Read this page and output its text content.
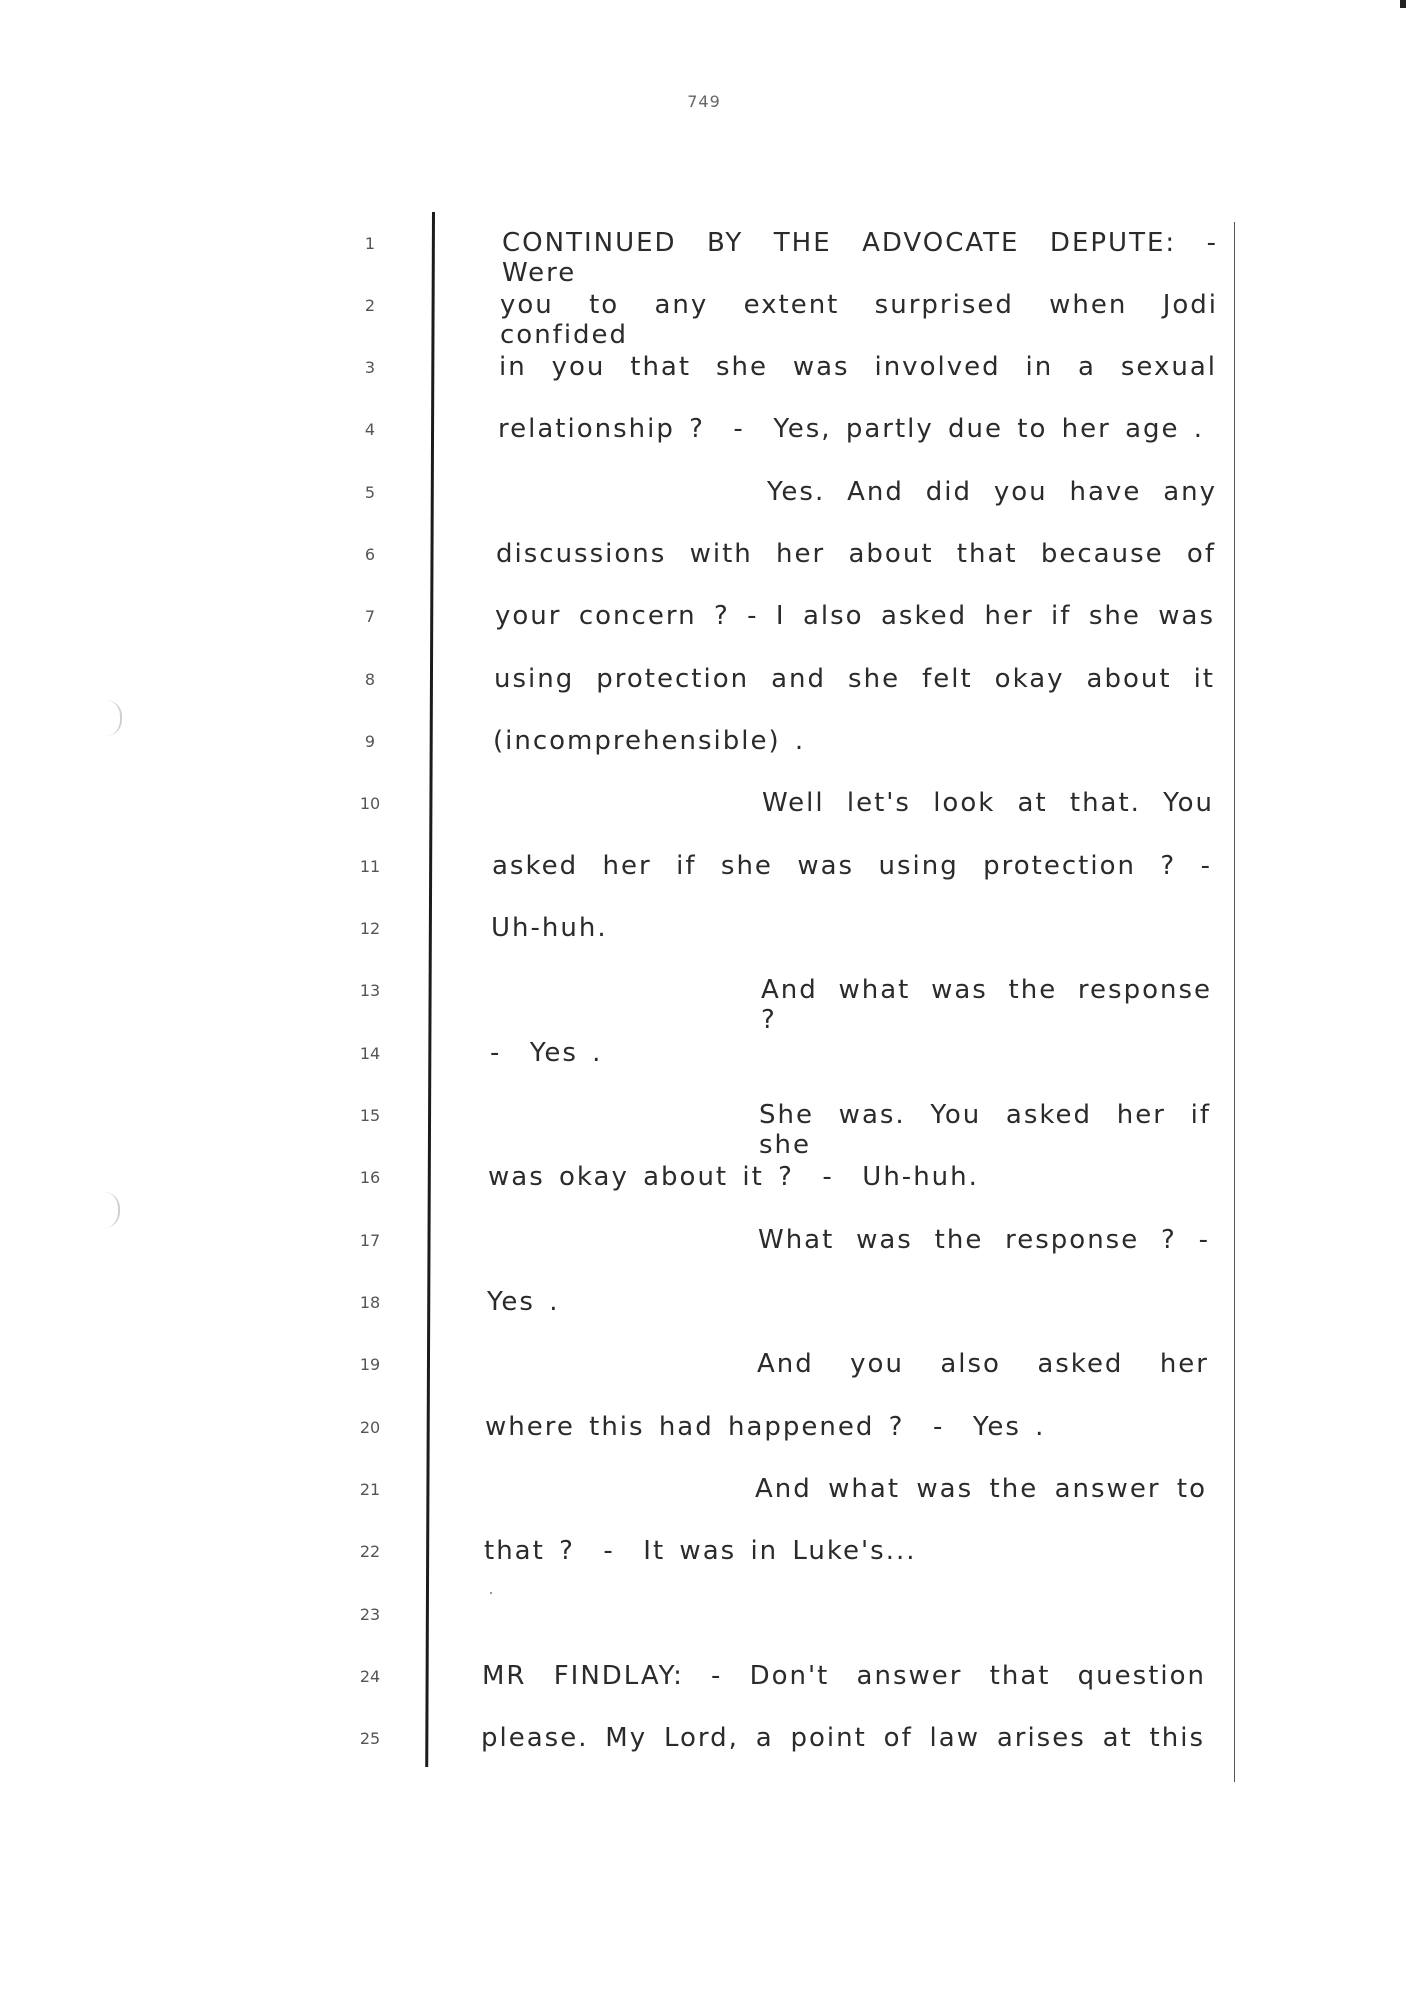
749
1
2
3
4
5
6
7
8
9
10
11
12
13
14
15
16
17
18
19
20
21
22
23
24
25
CONTINUED BY THE ADVOCATE DEPUTE: - Were
you to any extent surprised when Jodi confided
in you that she was involved in a sexual
relationship ?  -  Yes, partly due to her age .
Yes. And did you have any
discussions with her about that because of
your concern ? - I also asked her if she was
using protection and she felt okay about it
(incomprehensible) .
Well let's look at that. You
asked her if she was using protection ? -
Uh-huh.
And what was the response ?
-  Yes .
She was. You asked her if she
was okay about it ?  -  Uh-huh.
What was the response ? -
Yes .
And you also asked her
where this had happened ?  -  Yes .
And what was the answer to
that ?  -  It was in Luke's...
MR FINDLAY: - Don't answer that question
please. My Lord, a point of law arises at this
